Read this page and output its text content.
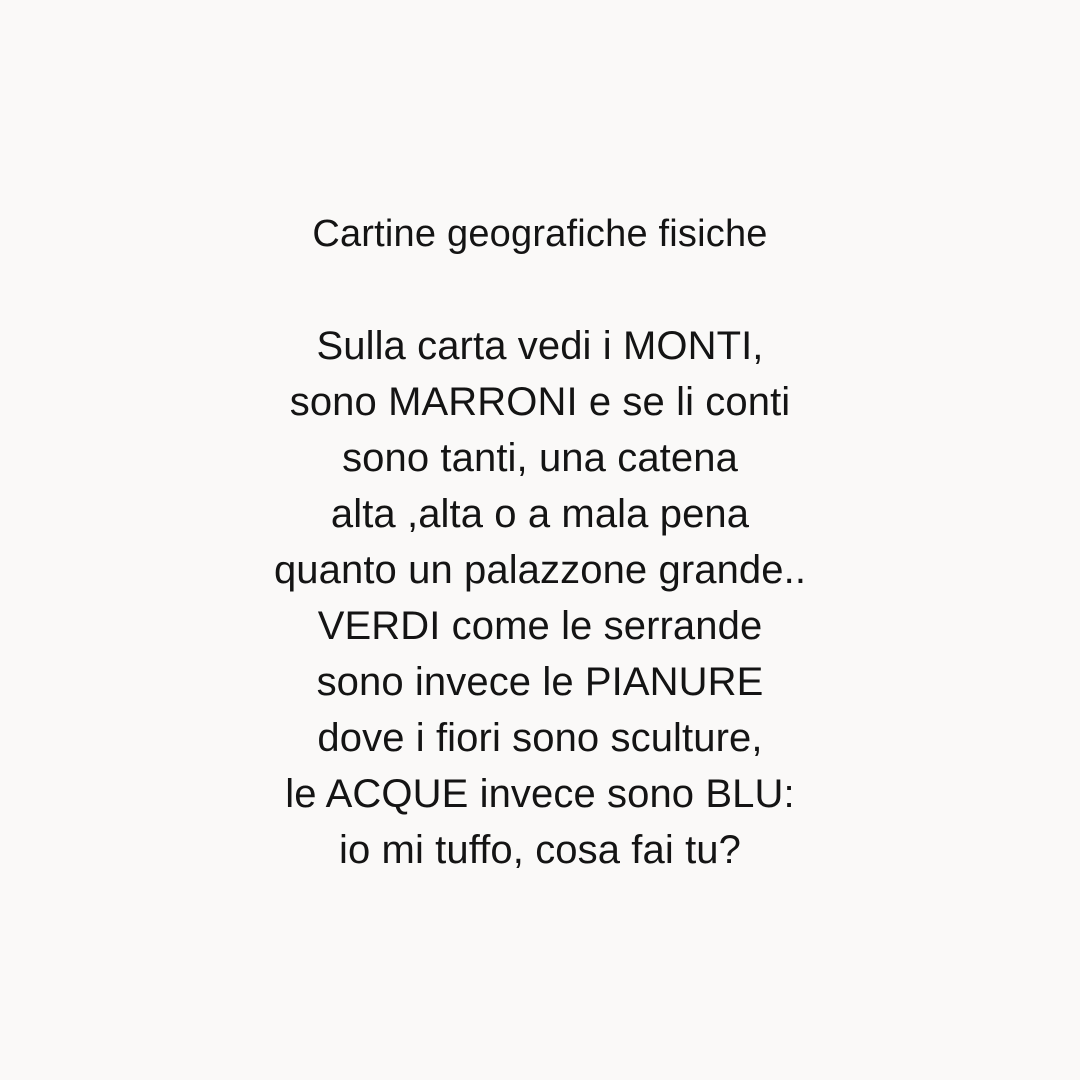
Cartine geografiche fisiche
Sulla carta vedi i MONTI,
sono MARRONI e se li conti
sono tanti, una catena
alta ,alta o a mala pena
quanto un palazzone grande..
VERDI come le serrande
sono invece le PIANURE
dove i fiori sono sculture,
le ACQUE invece sono BLU:
io mi tuffo, cosa fai tu?
